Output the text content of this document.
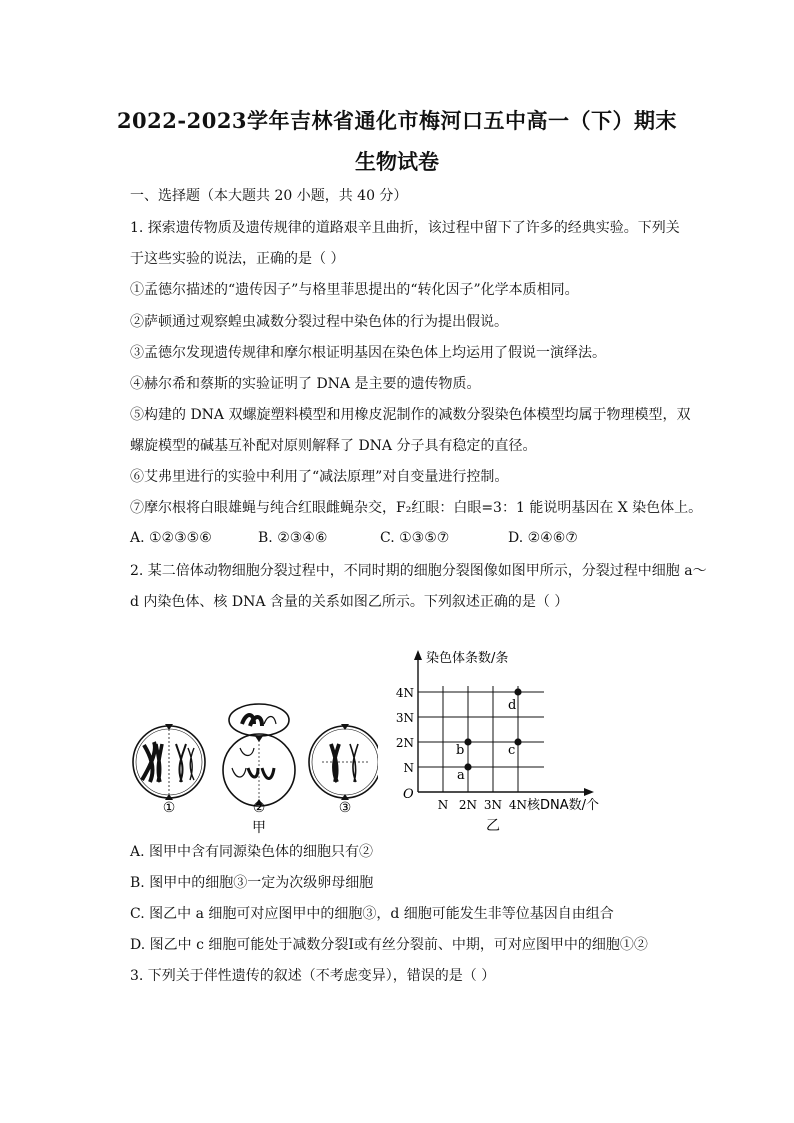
2022-2023学年吉林省通化市梅河口五中高一（下）期末
生物试卷
一、选择题（本大题共 20 小题，共 40 分）
1. 探索遗传物质及遗传规律的道路艰辛且曲折，该过程中留下了许多的经典实验。下列关
于这些实验的说法，正确的是（ ）
①孟德尔描述的“遗传因子”与格里菲思提出的“转化因子”化学本质相同。
②萨顿通过观察蝗虫减数分裂过程中染色体的行为提出假说。
③孟德尔发现遗传规律和摩尔根证明基因在染色体上均运用了假说一演绎法。
④赫尔希和蔡斯的实验证明了 DNA 是主要的遗传物质。
⑤构建的 DNA 双螺旋塑料模型和用橡皮泥制作的减数分裂染色体模型均属于物理模型，双
螺旋模型的碱基互补配对原则解释了 DNA 分子具有稳定的直径。
⑥艾弗里进行的实验中利用了“减法原理”对自变量进行控制。
⑦摩尔根将白眼雄蝇与纯合红眼雌蝇杂交，F₂红眼：白眼=3：1 能说明基因在 X 染色体上。
A. ①②③⑤⑥	B. ②③④⑥	C. ①③⑤⑦	D. ②④⑥⑦
2. 某二倍体动物细胞分裂过程中，不同时期的细胞分裂图像如图甲所示，分裂过程中细胞 a～
d 内染色体、核 DNA 含量的关系如图乙所示。下列叙述正确的是（ ）
①	②	③
甲
N
2N
3N
4N
N 2N 3N 4N
a
b	c
d
染色体条数/条
核DNA数/个
O
乙
A. 图甲中含有同源染色体的细胞只有②
B. 图甲中的细胞③一定为次级卵母细胞
C. 图乙中 a 细胞可对应图甲中的细胞③，d 细胞可能发生非等位基因自由组合
D. 图乙中 c 细胞可能处于减数分裂Ⅰ或有丝分裂前、中期，可对应图甲中的细胞①②
3. 下列关于伴性遗传的叙述（不考虑变异），错误的是（ ）
